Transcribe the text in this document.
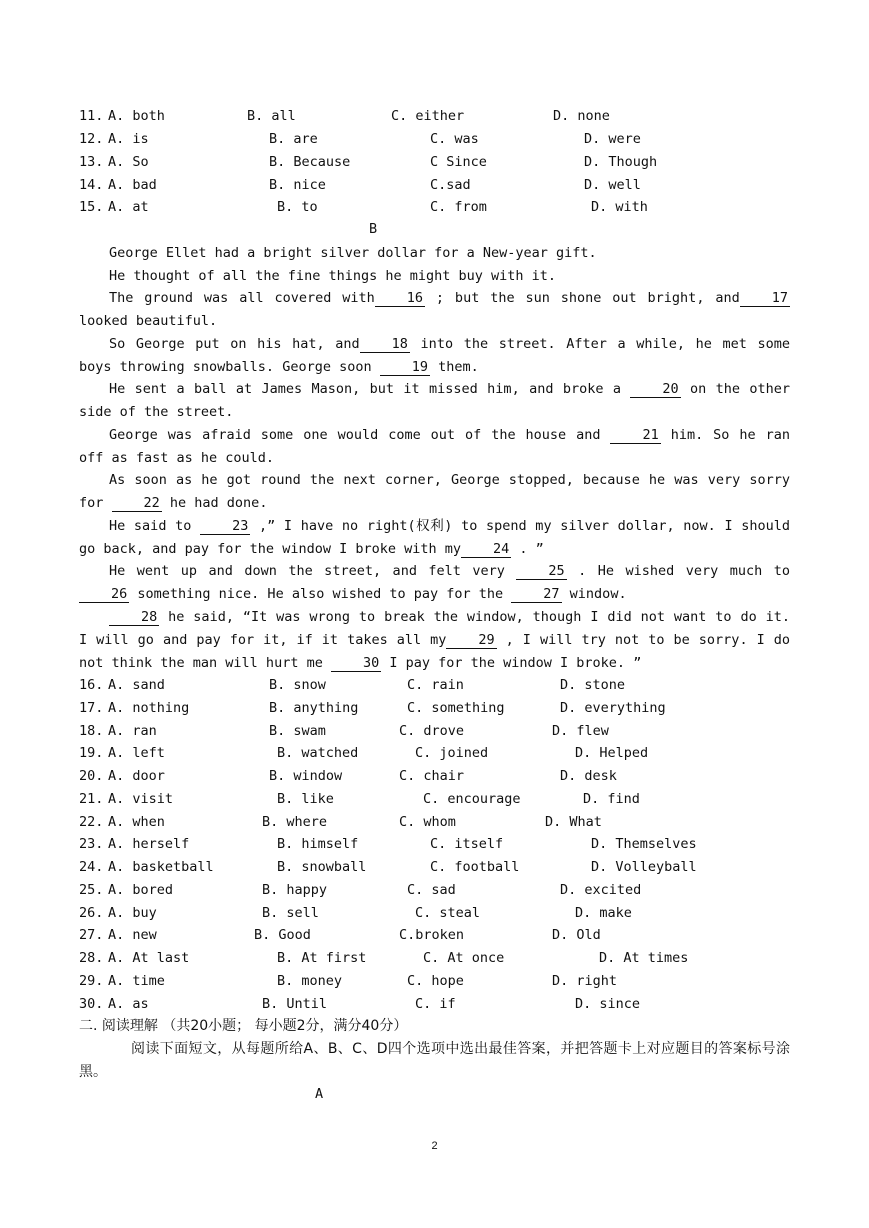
11. A. both	B. all	C. either	D. none
12. A. is	B. are	C. was	D. were
13. A. So	B. Because	C Since	D. Though
14. A. bad	B. nice	C.sad	D. well
15. A. at	B. to	C. from	D. with
B
George Ellet had a bright silver dollar for a New-year gift.
He thought of all the fine things he might buy with it.
The ground was all covered with 16 ; but the sun shone out bright, and 17 looked beautiful.
So George put on his hat, and 18 into the street. After a while, he met some boys throwing snowballs. George soon 19 them.
He sent a ball at James Mason, but it missed him, and broke a 20 on the other side of the street.
George was afraid some one would come out of the house and 21 him. So he ran off as fast as he could.
As soon as he got round the next corner, George stopped, because he was very sorry for 22 he had done.
He said to 23 ,” I have no right(权利) to spend my silver dollar, now. I should go back, and pay for the window I broke with my 24 . ”
He went up and down the street, and felt very 25 . He wished very much to 26 something nice. He also wished to pay for the 27 window.
28 he said, “It was wrong to break the window, though I did not want to do it. I will go and pay for it, if it takes all my 29 , I will try not to be sorry. I do not think the man will hurt me 30 I pay for the window I broke. ”
16. A. sand	B. snow	C. rain	D. stone
17. A. nothing	B. anything	C. something	D. everything
18. A. ran	B. swam	C. drove	D. flew
19. A. left	B. watched	C. joined	D. Helped
20. A. door	B. window	C. chair	D. desk
21. A. visit	B. like	C. encourage	D. find
22. A. when	B. where	C. whom	D. What
23. A. herself	B. himself	C. itself	D. Themselves
24. A. basketball	B. snowball	C. football	D. Volleyball
25. A. bored	B. happy	C. sad	D. excited
26. A. buy	B. sell	C. steal	D. make
27. A. new	B. Good	C.broken	D. Old
28. A. At last	B. At first	C. At once	D. At times
29. A. time	B. money	C. hope	D. right
30. A. as	B. Until	C. if	D. since
二. 阅读理解 （共20小题； 每小题2分，满分40分）
阅读下面短文，从每题所给A、B、C、D四个选项中选出最佳答案，并把答题卡上对应题目的答案标号涂黑。
A
2
